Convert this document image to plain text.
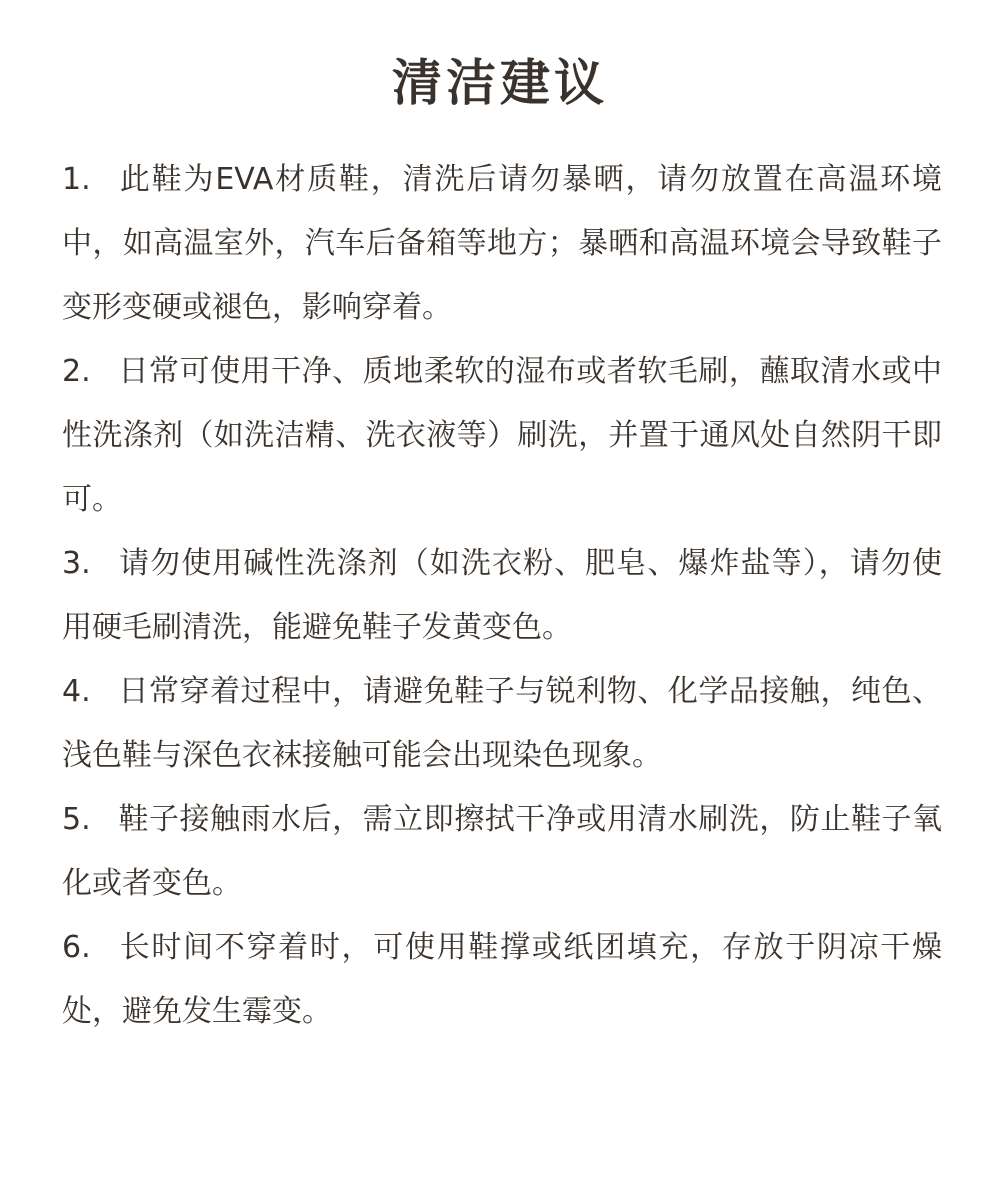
清洁建议
1. 此鞋为EVA材质鞋，清洗后请勿暴晒，请勿放置在高温环境中，如高温室外，汽车后备箱等地方；暴晒和高温环境会导致鞋子变形变硬或褪色，影响穿着。
2. 日常可使用干净、质地柔软的湿布或者软毛刷，蘸取清水或中性洗涤剂（如洗洁精、洗衣液等）刷洗，并置于通风处自然阴干即可。
3. 请勿使用碱性洗涤剂（如洗衣粉、肥皂、爆炸盐等），请勿使用硬毛刷清洗，能避免鞋子发黄变色。
4. 日常穿着过程中，请避免鞋子与锐利物、化学品接触，纯色、浅色鞋与深色衣袜接触可能会出现染色现象。
5. 鞋子接触雨水后，需立即擦拭干净或用清水刷洗，防止鞋子氧化或者变色。
6. 长时间不穿着时，可使用鞋撑或纸团填充，存放于阴凉干燥处，避免发生霉变。
